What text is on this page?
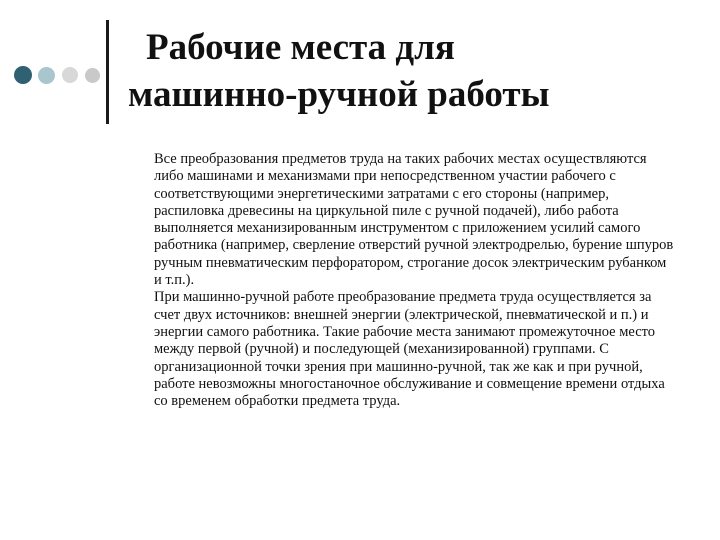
Рабочие места для
машинно-ручной работы

Все преобразования предметов труда на таких рабочих местах осуществляются либо машинами и механизмами при непосредственном участии рабочего с соответствующими энергетическими затратами с его стороны (например, распиловка древесины на циркульной пиле с ручной подачей), либо работа выполняется механизированным инструментом с приложением усилий самого работника (например, сверление отверстий ручной электродрелью, бурение шпуров ручным пневматическим перфоратором, строгание досок электрическим рубанком и т.п.).

При машинно-ручной работе преобразование предмета труда осуществляется за счет двух источников: внешней энергии (электрической, пневматической и п.) и энергии самого работника. Такие рабочие места занимают промежуточное место между первой (ручной) и последующей (механизированной) группами. С организационной точки зрения при машинно-ручной, так же как и при ручной, работе невозможны многостаночное обслуживание и совмещение времени отдыха со временем обработки предмета труда.
